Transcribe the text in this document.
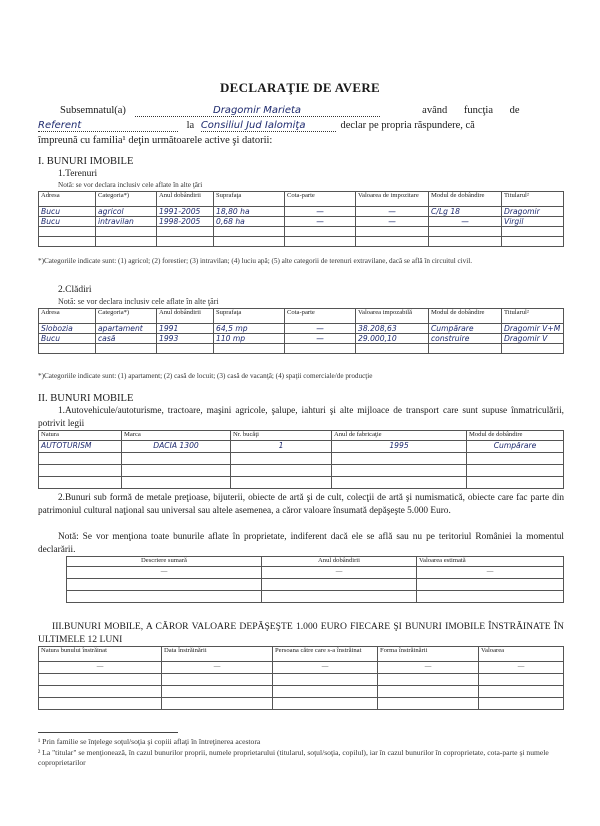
DECLARAŢIE DE AVERE
Subsemnatul(a)	Dragomir Marieta	având funcţia de
Referent	la Consiliul Jud Ialomiţa	declar pe propria răspundere, că
împreună cu familia¹ deţin următoarele active şi datorii:
I. BUNURI IMOBILE
1.Terenuri
Notă: se vor declara inclusiv cele aflate în alte ţări
Adresa	Categoria*)	Anul dobândirii	Suprafaţa	Cota-parte	Valoarea de impozitare	Modul de dobândire	Titularul²
Bucu	agricol	1991-2005	18,80 ha	—	—	C/Lg 18	Dragomir
Bucu	intravilan	1998-2005	0,68 ha	—	—	—	Virgil

*)Categoriile indicate sunt: (1) agricol; (2) forestier; (3) intravilan; (4) luciu apă; (5) alte categorii de terenuri extravilane, dacă se află în circuitul civil.
2.Clădiri
Notă: se vor declara inclusiv cele aflate în alte ţări
Adresa	Categoria*)	Anul dobândirii	Suprafaţa	Cota-parte	Valoarea impozabilă	Modul de dobândire	Titularul²
Slobozia	apartament	1991	64,5 mp	—	38.208,63	Cumpărare	Dragomir V+M
Bucu	casă	1993	110 mp	—	29.000,10	construire	Dragomir V

*)Categoriile indicate sunt: (1) apartament; (2) casă de locuit; (3) casă de vacanţă; (4) spaţii comerciale/de producţie
II. BUNURI MOBILE
1.Autovehicule/autoturisme, tractoare, maşini agricole, şalupe, iahturi şi alte mijloace de transport care sunt supuse înmatriculării, potrivit legii
Natura	Marca	Nr. bucăţi	Anul de fabricaţie	Modul de dobândire
AUTOTURISM	DACIA 1300	1	1995	Cumpărare

2.Bunuri sub formă de metale preţioase, bijuterii, obiecte de artă şi de cult, colecţii de artă şi numismatică, obiecte care fac parte din patrimoniul cultural naţional sau universal sau altele asemenea, a căror valoare însumată depăşeşte 5.000 Euro.
Notă: Se vor menţiona toate bunurile aflate în proprietate, indiferent dacă ele se află sau nu pe teritoriul României la momentul declarării.
Descriere sumară	Anul dobândirii	Valoarea estimată
—	—	—

III.BUNURI MOBILE, A CĂROR VALOARE DEPĂŞEŞTE 1.000 EURO FIECARE ŞI BUNURI IMOBILE ÎNSTRĂINATE ÎN ULTIMELE 12 LUNI
Natura bunului înstrăinat	Data înstrăinării	Persoana către care s-a înstrăinat	Forma înstrăinării	Valoarea
—	—	—	—	—

¹ Prin familie se înţelege soţul/soţia şi copiii aflaţi în întreţinerea acestora
² La "titular" se menţionează, în cazul bunurilor proprii, numele proprietarului (titularul, soţul/soţia, copilul), iar în cazul bunurilor în coproprietate, cota-parte şi numele coproprietarilor
